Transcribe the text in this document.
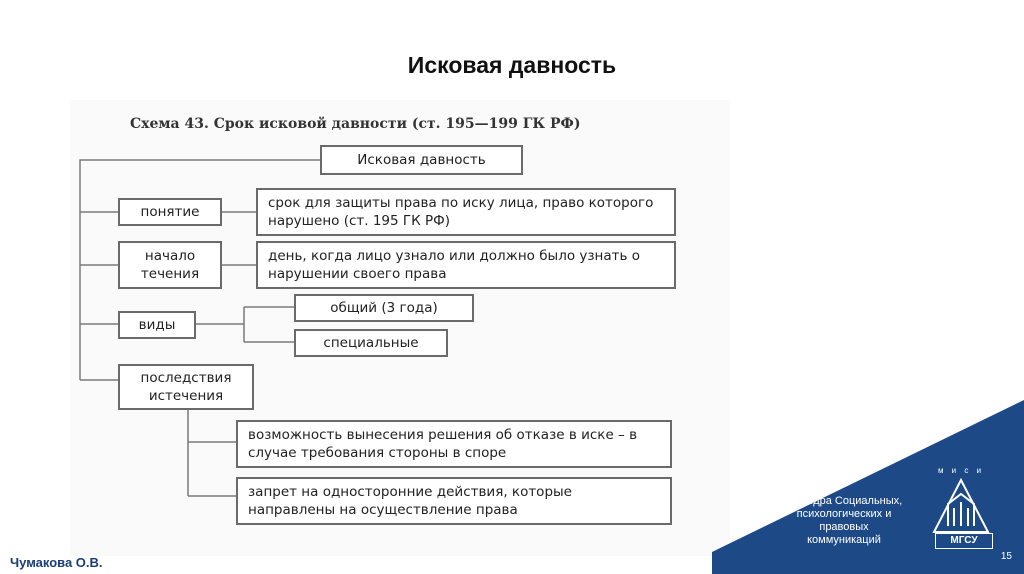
Исковая давность
Схема 43. Срок исковой давности (ст. 195—199 ГК РФ)
Исковая давность
понятие
срок для защиты права по иску лица, право которого нарушено (ст. 195 ГК РФ)
начало течения
день, когда лицо узнало или должно было узнать о нарушении своего права
виды
общий (3 года)
специальные
последствия истечения
возможность вынесения решения об отказе в иске – в случае требования стороны в споре
запрет на односторонние действия, которые направлены на осуществление права
Кафедра Социальных, психологических и правовых коммуникаций
м и с и
МГСУ
15
Чумакова О.В.
